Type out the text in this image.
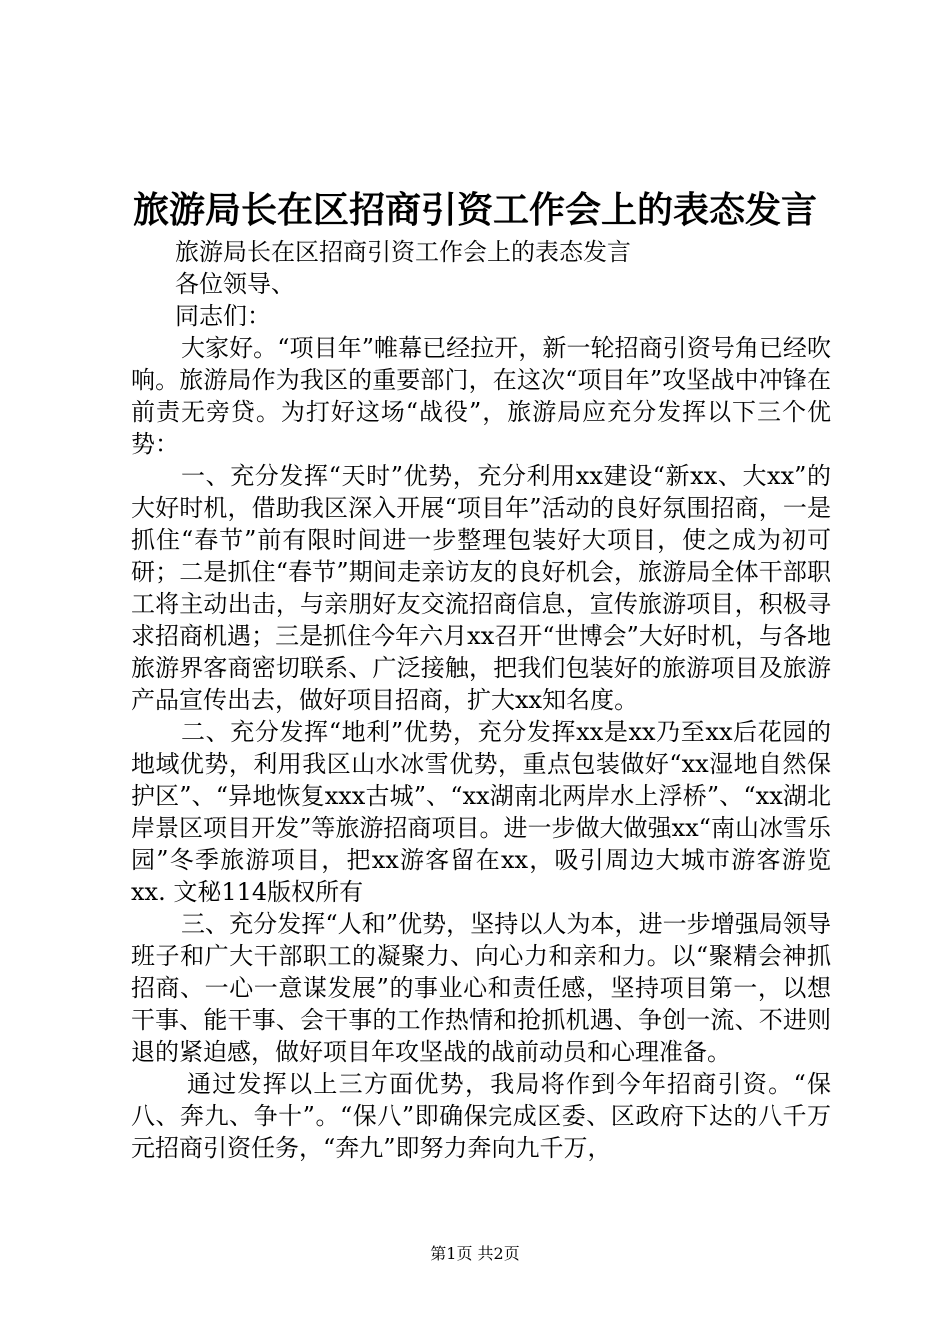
旅游局长在区招商引资工作会上的表态发言

旅游局长在区招商引资工作会上的表态发言

各位领导、

同志们：

大家好。“项目年”帷幕已经拉开，新一轮招商引资号角已经吹响。旅游局作为我区的重要部门，在这次“项目年”攻坚战中冲锋在前责无旁贷。为打好这场“战役”，旅游局应充分发挥以下三个优势：

一、充分发挥“天时”优势，充分利用xx建设“新xx、大xx”的大好时机，借助我区深入开展“项目年”活动的良好氛围招商，一是抓住“春节”前有限时间进一步整理包装好大项目，使之成为初可研；二是抓住“春节”期间走亲访友的良好机会，旅游局全体干部职工将主动出击，与亲朋好友交流招商信息，宣传旅游项目，积极寻求招商机遇；三是抓住今年六月xx召开“世博会”大好时机，与各地旅游界客商密切联系、广泛接触，把我们包装好的旅游项目及旅游产品宣传出去，做好项目招商，扩大xx知名度。

二、充分发挥“地利”优势，充分发挥xx是xx乃至xx后花园的地域优势，利用我区山水冰雪优势，重点包装做好“xx湿地自然保护区”、“异地恢复xxx古城”、“xx湖南北两岸水上浮桥”、“xx湖北岸景区项目开发”等旅游招商项目。进一步做大做强xx“南山冰雪乐园”冬季旅游项目，把xx游客留在xx，吸引周边大城市游客游览xx. 文秘114版权所有

三、充分发挥“人和”优势，坚持以人为本，进一步增强局领导班子和广大干部职工的凝聚力、向心力和亲和力。以“聚精会神抓招商、一心一意谋发展”的事业心和责任感，坚持项目第一，以想干事、能干事、会干事的工作热情和抢抓机遇、争创一流、不进则退的紧迫感，做好项目年攻坚战的战前动员和心理准备。

通过发挥以上三方面优势，我局将作到今年招商引资。“保八、奔九、争十”。“保八”即确保完成区委、区政府下达的八千万元招商引资任务，“奔九”即努力奔向九千万，

第1页 共2页
